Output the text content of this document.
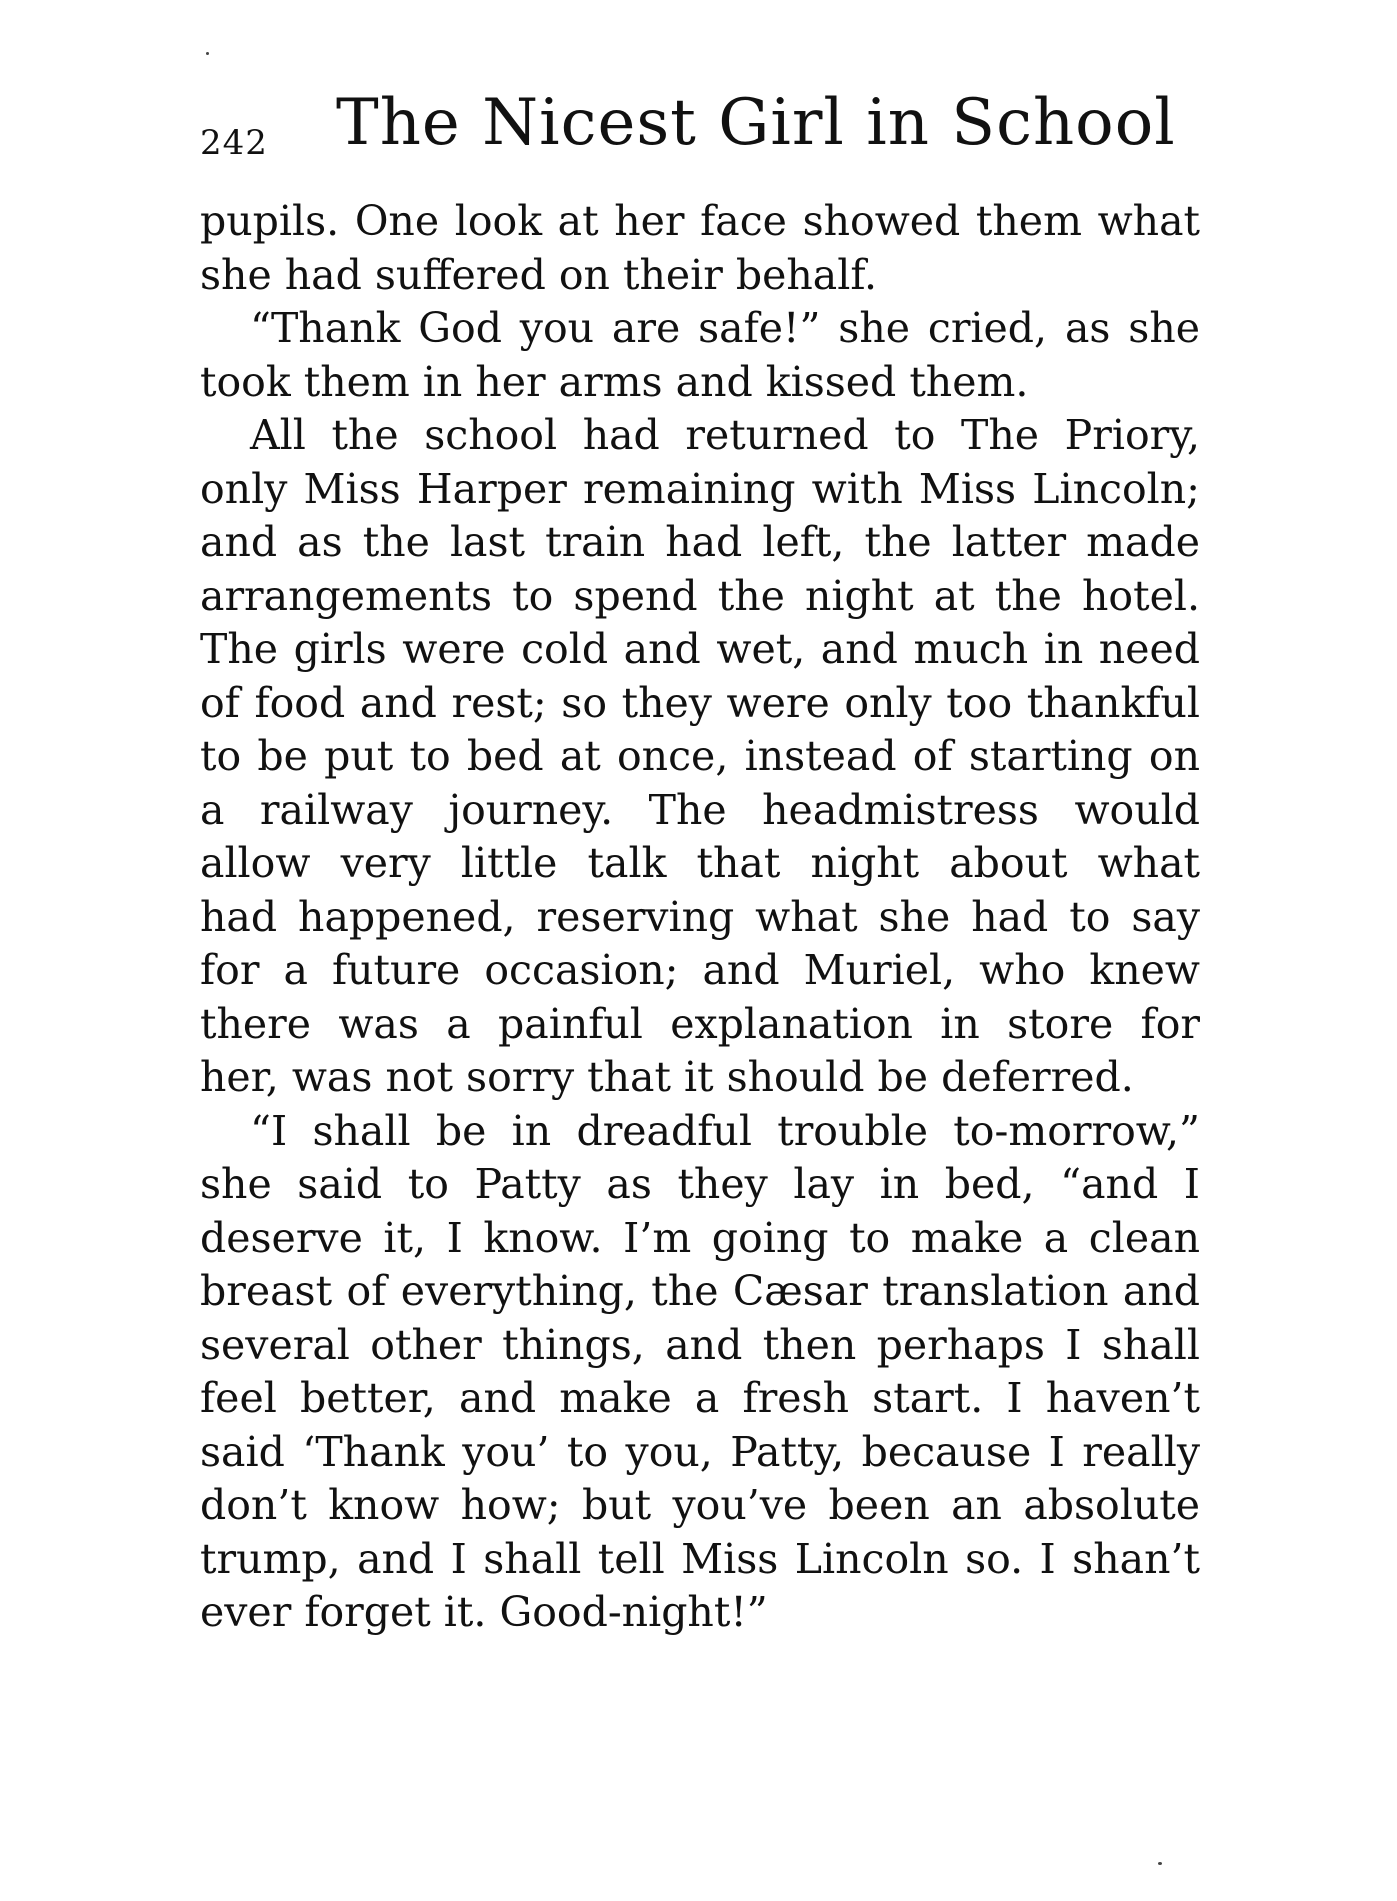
242 The Nicest Girl in School
pupils. One look at her face showed them what
she had suffered on their behalf.
“Thank God you are safe!” she cried, as she
took them in her arms and kissed them.
All the school had returned to The Priory,
only Miss Harper remaining with Miss Lincoln;
and as the last train had left, the latter made
arrangements to spend the night at the hotel.
The girls were cold and wet, and much in need
of food and rest; so they were only too thankful
to be put to bed at once, instead of starting on
a railway journey. The headmistress would
allow very little talk that night about what
had happened, reserving what she had to say
for a future occasion; and Muriel, who knew
there was a painful explanation in store for
her, was not sorry that it should be deferred.
“I shall be in dreadful trouble to-morrow,”
she said to Patty as they lay in bed, “and I
deserve it, I know. I’m going to make a clean
breast of everything, the Cæsar translation and
several other things, and then perhaps I shall
feel better, and make a fresh start. I haven’t
said ‘Thank you’ to you, Patty, because I really
don’t know how; but you’ve been an absolute
trump, and I shall tell Miss Lincoln so. I shan’t
ever forget it. Good-night!”
